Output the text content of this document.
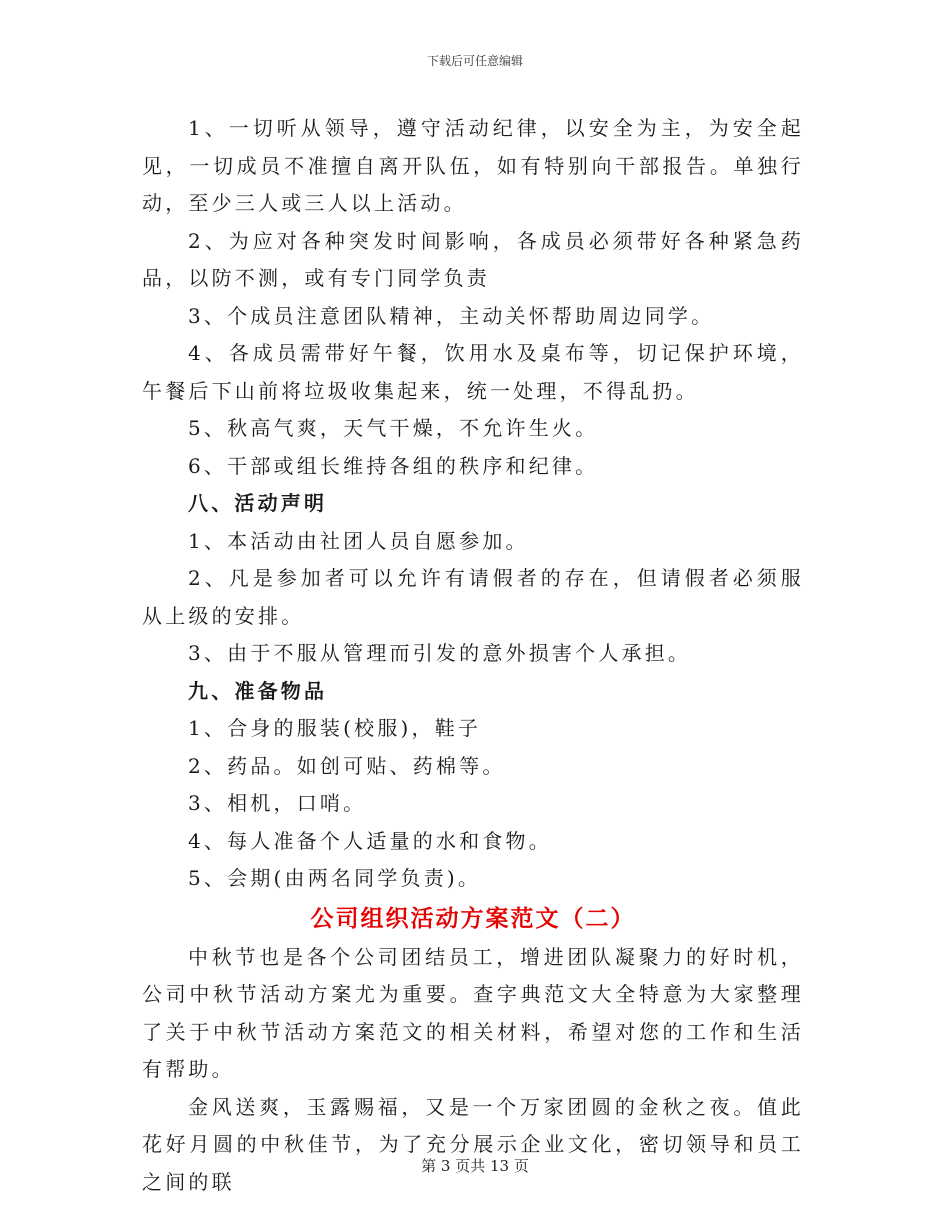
下载后可任意编辑

1、一切听从领导，遵守活动纪律，以安全为主，为安全起见，一切成员不准擅自离开队伍，如有特别向干部报告。单独行动，至少三人或三人以上活动。

2、为应对各种突发时间影响，各成员必须带好各种紧急药品，以防不测，或有专门同学负责

3、个成员注意团队精神，主动关怀帮助周边同学。

4、各成员需带好午餐，饮用水及桌布等，切记保护环境，午餐后下山前将垃圾收集起来，统一处理，不得乱扔。

5、秋高气爽，天气干燥，不允许生火。

6、干部或组长维持各组的秩序和纪律。

八、活动声明

1、本活动由社团人员自愿参加。

2、凡是参加者可以允许有请假者的存在，但请假者必须服从上级的安排。

3、由于不服从管理而引发的意外损害个人承担。

九、准备物品

1、合身的服装(校服)，鞋子

2、药品。如创可贴、药棉等。

3、相机，口哨。

4、每人准备个人适量的水和食物。

5、会期(由两名同学负责)。

公司组织活动方案范文（二）

中秋节也是各个公司团结员工，增进团队凝聚力的好时机，公司中秋节活动方案尤为重要。查字典范文大全特意为大家整理了关于中秋节活动方案范文的相关材料，希望对您的工作和生活有帮助。

金风送爽，玉露赐福，又是一个万家团圆的金秋之夜。值此花好月圆的中秋佳节，为了充分展示企业文化，密切领导和员工之间的联

第 3 页共 13 页
